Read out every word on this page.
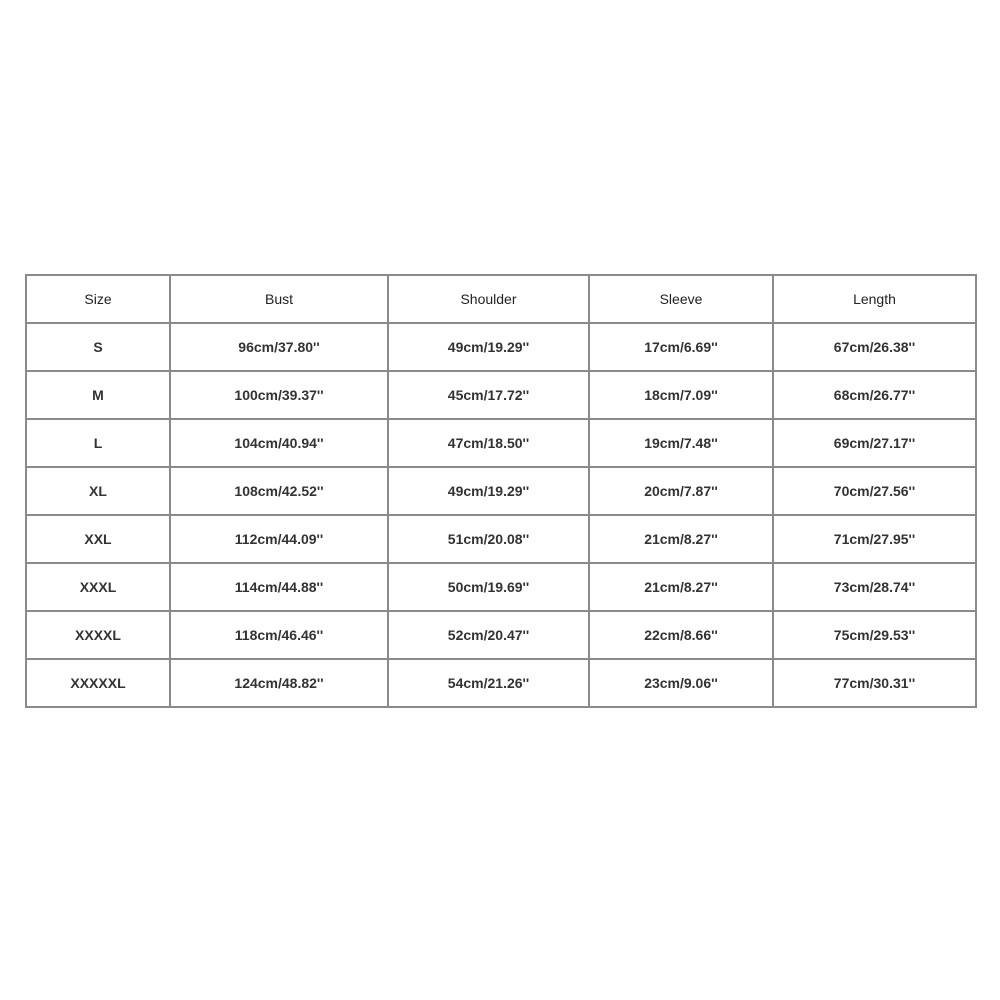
Size	Bust	Shoulder	Sleeve	Length
S	96cm/37.80''	49cm/19.29''	17cm/6.69''	67cm/26.38''
M	100cm/39.37''	45cm/17.72''	18cm/7.09''	68cm/26.77''
L	104cm/40.94''	47cm/18.50''	19cm/7.48''	69cm/27.17''
XL	108cm/42.52''	49cm/19.29''	20cm/7.87''	70cm/27.56''
XXL	112cm/44.09''	51cm/20.08''	21cm/8.27''	71cm/27.95''
XXXL	114cm/44.88''	50cm/19.69''	21cm/8.27''	73cm/28.74''
XXXXL	118cm/46.46''	52cm/20.47''	22cm/8.66''	75cm/29.53''
XXXXXL	124cm/48.82''	54cm/21.26''	23cm/9.06''	77cm/30.31''
